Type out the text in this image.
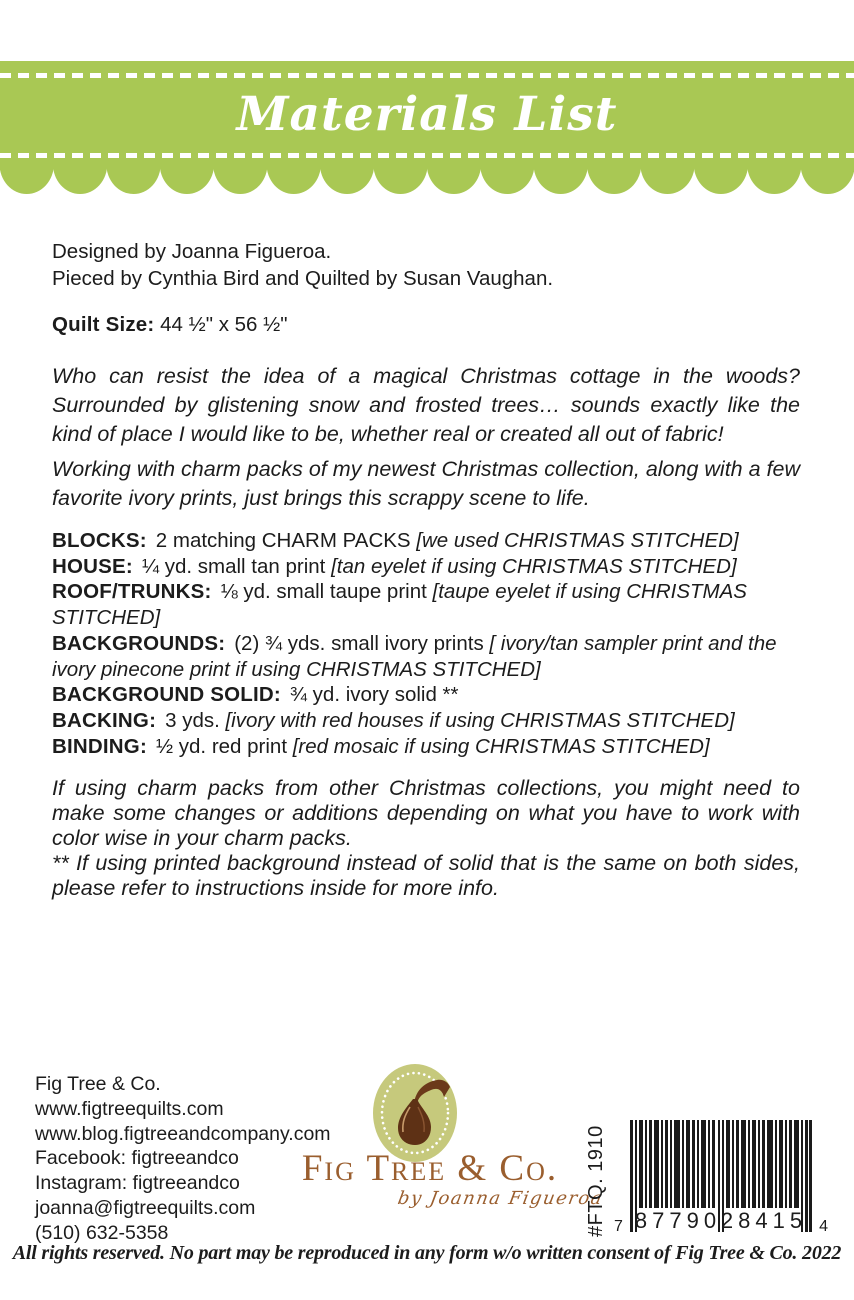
Materials List

Designed by Joanna Figueroa.

Pieced by Cynthia Bird and Quilted by Susan Vaughan.

Quilt Size: 44 ½" x 56 ½"

Who can resist the idea of a magical Christmas cottage in the woods? Surrounded by glistening snow and frosted trees… sounds exactly like the kind of place I would like to be, whether real or created all out of fabric!

Working with charm packs of my newest Christmas collection, along with a few favorite ivory prints, just brings this scrappy scene to life.

BLOCKS: 2 matching CHARM PACKS [we used CHRISTMAS STITCHED]

HOUSE: ¼ yd. small tan print [tan eyelet if using CHRISTMAS STITCHED]

ROOF/TRUNKS: ⅛ yd. small taupe print [taupe eyelet if using CHRISTMAS STITCHED]

BACKGROUNDS: (2) ¾ yds. small ivory prints [ ivory/tan sampler print and the ivory pinecone print if using CHRISTMAS STITCHED]

BACKGROUND SOLID: ¾ yd. ivory solid **

BACKING: 3 yds. [ivory with red houses if using CHRISTMAS STITCHED]

BINDING: ½ yd. red print [red mosaic if using CHRISTMAS STITCHED]

If using charm packs from other Christmas collections, you might need to make some changes or additions depending on what you have to work with color wise in your charm packs.

** If using printed background instead of solid that is the same on both sides, please refer to instructions inside for more info.

Fig Tree & Co.
www.figtreequilts.com
www.blog.figtreeandcompany.com
Facebook: figtreeandco
Instagram: figtreeandco
joanna@figtreequilts.com
(510) 632-5358
Fig Tree & Co.
by Joanna Figueroa
#FTQ. 1910 7 87790 28415 4
All rights reserved. No part may be reproduced in any form w/o written consent of Fig Tree & Co. 2022
